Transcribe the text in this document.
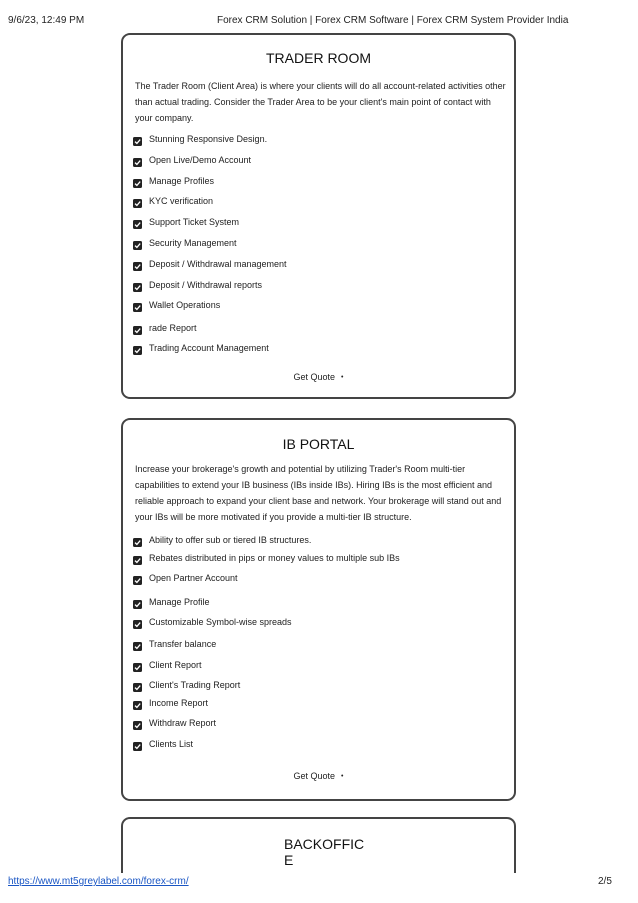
9/6/23, 12:49 PM	Forex CRM Solution | Forex CRM Software | Forex CRM System Provider India
TRADER ROOM
The Trader Room (Client Area) is where your clients will do all account-related activities other than actual trading. Consider the Trader Area to be your client's main point of contact with your company.
Stunning Responsive Design.
Open Live/Demo Account
Manage Profiles
KYC verification
Support Ticket System
Security Management
Deposit / Withdrawal management
Deposit / Withdrawal reports
Wallet Operations
rade Report
Trading Account Management
Get Quote •
IB PORTAL
Increase your brokerage's growth and potential by utilizing Trader's Room multi-tier capabilities to extend your IB business (IBs inside IBs). Hiring IBs is the most efficient and reliable approach to expand your client base and network. Your brokerage will stand out and your IBs will be more motivated if you provide a multi-tier IB structure.
Ability to offer sub or tiered IB structures.
Rebates distributed in pips or money values to multiple sub IBs
Open Partner Account
Manage Profile
Customizable Symbol-wise spreads
Transfer balance
Client Report
Client's Trading Report
Income Report
Withdraw Report
Clients List
Get Quote •
BACKOFFIC
E
https://www.mt5greylabel.com/forex-crm/	2/5
